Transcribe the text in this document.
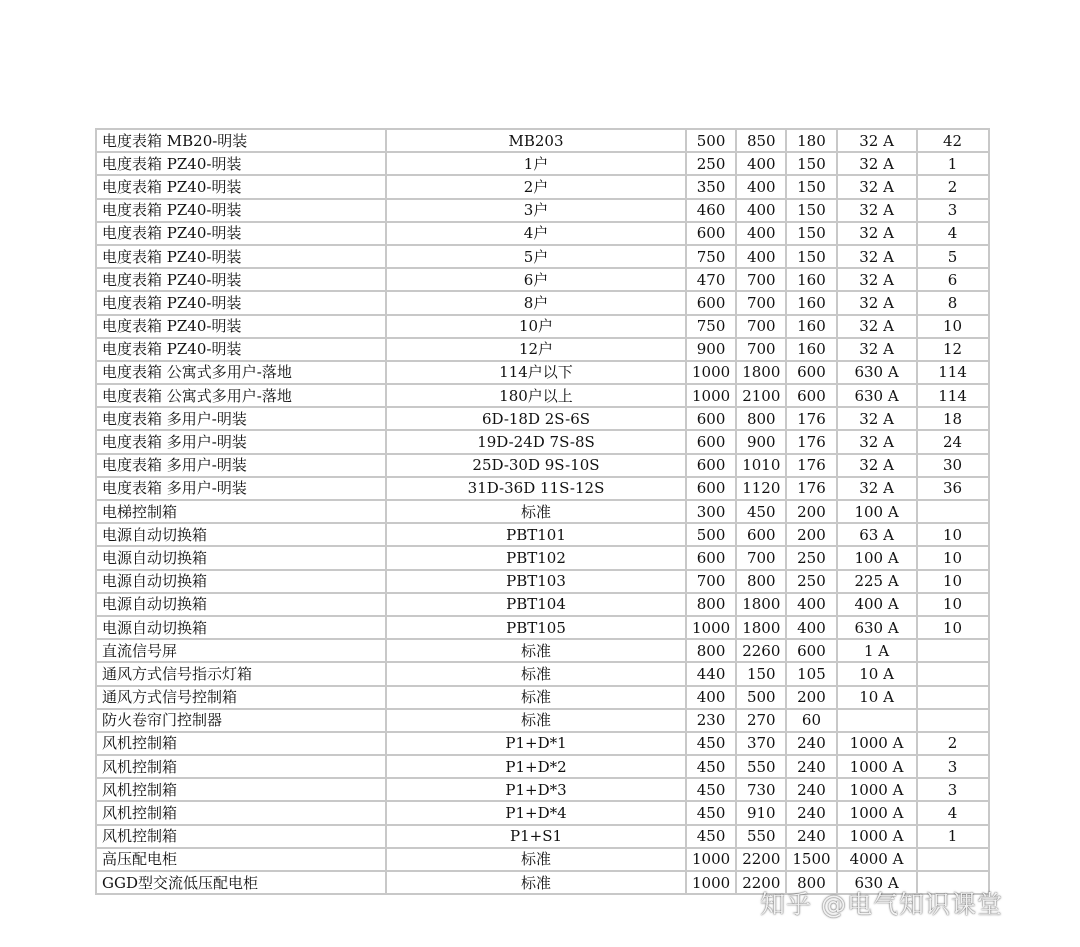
电度表箱 MB20-明装	MB203	500	850	180	32 A	42
电度表箱 PZ40-明装	1户	250	400	150	32 A	1
电度表箱 PZ40-明装	2户	350	400	150	32 A	2
电度表箱 PZ40-明装	3户	460	400	150	32 A	3
电度表箱 PZ40-明装	4户	600	400	150	32 A	4
电度表箱 PZ40-明装	5户	750	400	150	32 A	5
电度表箱 PZ40-明装	6户	470	700	160	32 A	6
电度表箱 PZ40-明装	8户	600	700	160	32 A	8
电度表箱 PZ40-明装	10户	750	700	160	32 A	10
电度表箱 PZ40-明装	12户	900	700	160	32 A	12
电度表箱 公寓式多用户-落地	114户以下	1000	1800	600	630 A	114
电度表箱 公寓式多用户-落地	180户以上	1000	2100	600	630 A	114
电度表箱 多用户-明装	6D-18D 2S-6S	600	800	176	32 A	18
电度表箱 多用户-明装	19D-24D 7S-8S	600	900	176	32 A	24
电度表箱 多用户-明装	25D-30D 9S-10S	600	1010	176	32 A	30
电度表箱 多用户-明装	31D-36D 11S-12S	600	1120	176	32 A	36
电梯控制箱	标准	300	450	200	100 A	
电源自动切换箱	PBT101	500	600	200	63 A	10
电源自动切换箱	PBT102	600	700	250	100 A	10
电源自动切换箱	PBT103	700	800	250	225 A	10
电源自动切换箱	PBT104	800	1800	400	400 A	10
电源自动切换箱	PBT105	1000	1800	400	630 A	10
直流信号屏	标准	800	2260	600	1 A	
通风方式信号指示灯箱	标准	440	150	105	10 A	
通风方式信号控制箱	标准	400	500	200	10 A	
防火卷帘门控制器	标准	230	270	60		
风机控制箱	P1+D*1	450	370	240	1000 A	2
风机控制箱	P1+D*2	450	550	240	1000 A	3
风机控制箱	P1+D*3	450	730	240	1000 A	3
风机控制箱	P1+D*4	450	910	240	1000 A	4
风机控制箱	P1+S1	450	550	240	1000 A	1
高压配电柜	标准	1000	2200	1500	4000 A	
GGD型交流低压配电柜	标准	1000	2200	800	630 A	
知乎 @电气知识课堂
